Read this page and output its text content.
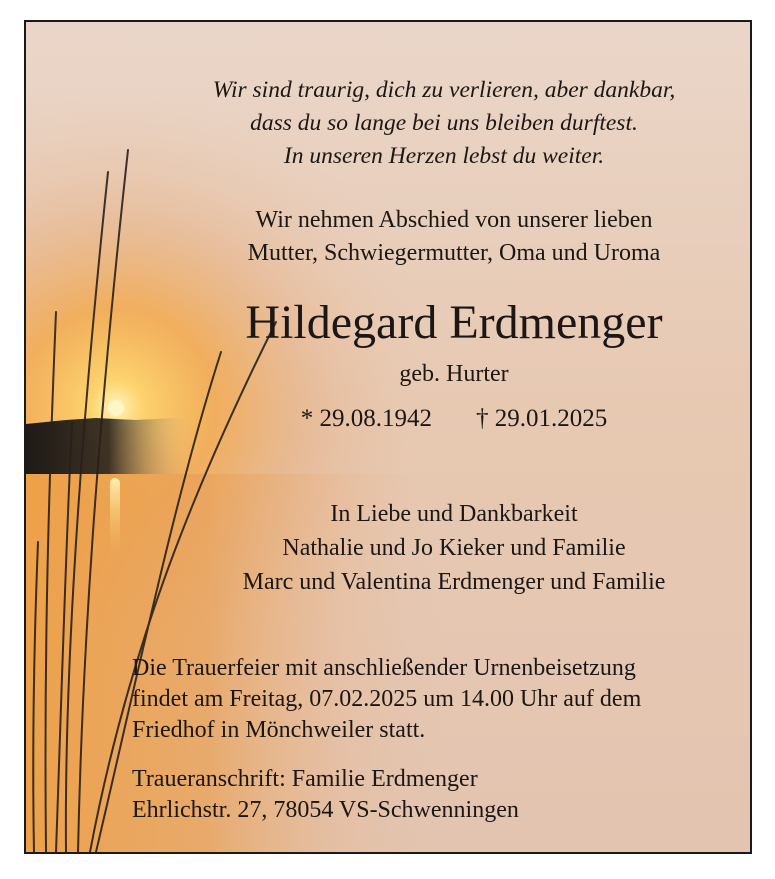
Wir sind traurig, dich zu verlieren, aber dankbar,
dass du so lange bei uns bleiben durftest.
In unseren Herzen lebst du weiter.

Wir nehmen Abschied von unserer lieben
Mutter, Schwiegermutter, Oma und Uroma

Hildegard Erdmenger

geb. Hurter

* 29.08.1942 † 29.01.2025

In Liebe und Dankbarkeit
Nathalie und Jo Kieker und Familie
Marc und Valentina Erdmenger und Familie

Die Trauerfeier mit anschließender Urnenbeisetzung
findet am Freitag, 07.02.2025 um 14.00 Uhr auf dem
Friedhof in Mönchweiler statt.

Traueranschrift: Familie Erdmenger
Ehrlichstr. 27, 78054 VS-Schwenningen
